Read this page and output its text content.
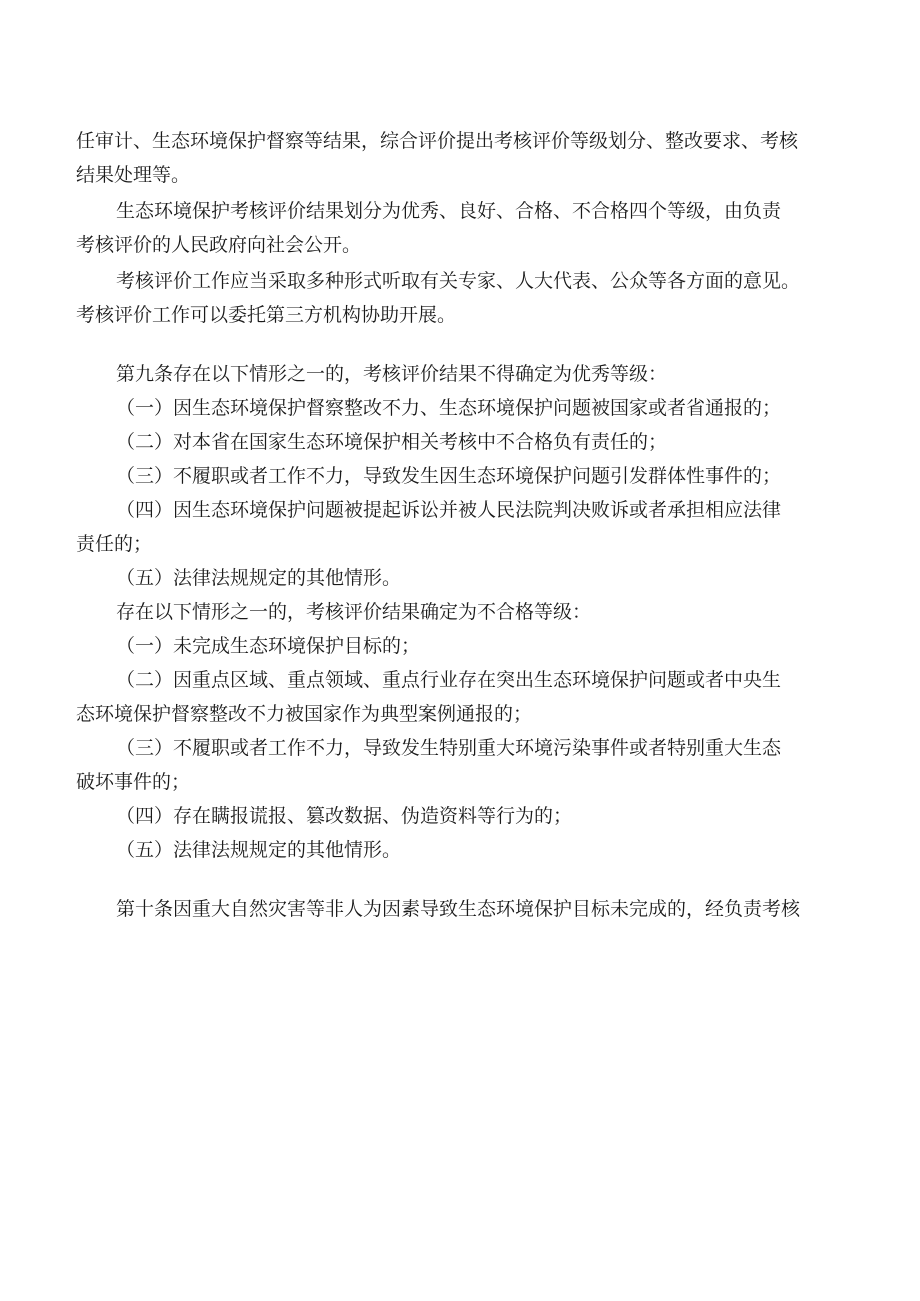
任审计、生态环境保护督察等结果，综合评价提出考核评价等级划分、整改要求、考核

结果处理等。

生态环境保护考核评价结果划分为优秀、良好、合格、不合格四个等级，由负责

考核评价的人民政府向社会公开。

考核评价工作应当采取多种形式听取有关专家、人大代表、公众等各方面的意见。

考核评价工作可以委托第三方机构协助开展。

第九条存在以下情形之一的，考核评价结果不得确定为优秀等级：

（一）因生态环境保护督察整改不力、生态环境保护问题被国家或者省通报的；

（二）对本省在国家生态环境保护相关考核中不合格负有责任的；

（三）不履职或者工作不力，导致发生因生态环境保护问题引发群体性事件的；

（四）因生态环境保护问题被提起诉讼并被人民法院判决败诉或者承担相应法律

责任的；

（五）法律法规规定的其他情形。

存在以下情形之一的，考核评价结果确定为不合格等级：

（一）未完成生态环境保护目标的；

（二）因重点区域、重点领域、重点行业存在突出生态环境保护问题或者中央生

态环境保护督察整改不力被国家作为典型案例通报的；

（三）不履职或者工作不力，导致发生特别重大环境污染事件或者特别重大生态

破坏事件的；

（四）存在瞒报谎报、篡改数据、伪造资料等行为的；

（五）法律法规规定的其他情形。

第十条因重大自然灾害等非人为因素导致生态环境保护目标未完成的，经负责考核
